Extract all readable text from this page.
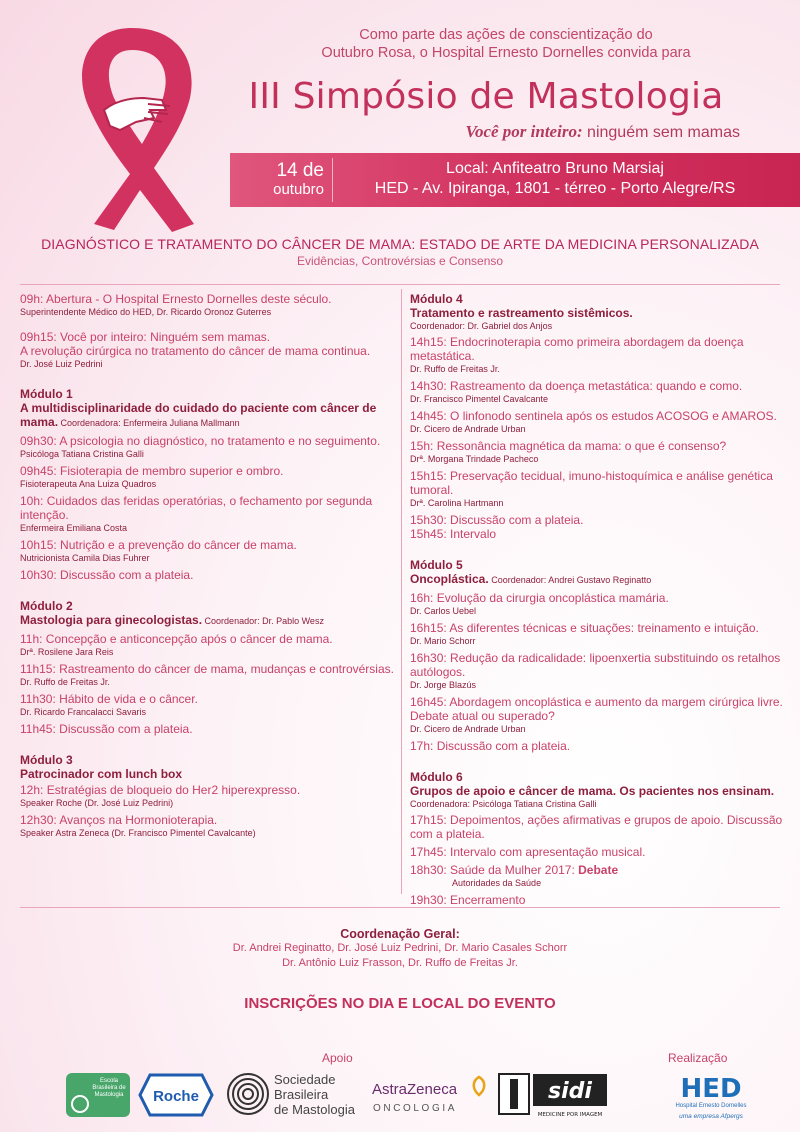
Como parte das ações de conscientização do
Outubro Rosa, o Hospital Ernesto Dornelles convida para
III Simpósio de Mastologia
Você por inteiro: ninguém sem mamas
14 de
outubro
Local: Anfiteatro Bruno Marsiaj
HED - Av. Ipiranga, 1801 - térreo - Porto Alegre/RS
DIAGNÓSTICO E TRATAMENTO DO CÂNCER DE MAMA: ESTADO DE ARTE DA MEDICINA PERSONALIZADA
Evidências, Controvérsias e Consenso
09h: Abertura - O Hospital Ernesto Dornelles deste século.
Superintendente Médico do HED, Dr. Ricardo Oronoz Guterres
09h15: Você por inteiro: Ninguém sem mamas.
A revolução cirúrgica no tratamento do câncer de mama continua.
Dr. José Luiz Pedrini
Módulo 1
A multidisciplinaridade do cuidado do paciente com câncer de mama. Coordenadora: Enfermeira Juliana Mallmann
09h30: A psicologia no diagnóstico, no tratamento e no seguimento.
Psicóloga Tatiana Cristina Galli
09h45: Fisioterapia de membro superior e ombro.
Fisioterapeuta Ana Luiza Quadros
10h: Cuidados das feridas operatórias, o fechamento por segunda intenção.
Enfermeira Emiliana Costa
10h15: Nutrição e a prevenção do câncer de mama.
Nutricionista Camila Dias Fuhrer
10h30: Discussão com a plateia.
Módulo 2
Mastologia para ginecologistas. Coordenador: Dr. Pablo Wesz
11h: Concepção e anticoncepção após o câncer de mama.
Drª. Rosilene Jara Reis
11h15: Rastreamento do câncer de mama, mudanças e controvérsias.
Dr. Ruffo de Freitas Jr.
11h30: Hábito de vida e o câncer.
Dr. Ricardo Francalacci Savaris
11h45: Discussão com a plateia.
Módulo 3
Patrocinador com lunch box
12h: Estratégias de bloqueio do Her2 hiperexpresso.
Speaker Roche (Dr. José Luiz Pedrini)
12h30: Avanços na Hormonioterapia.
Speaker Astra Zeneca (Dr. Francisco Pimentel Cavalcante)
Módulo 4
Tratamento e rastreamento sistêmicos.
Coordenador: Dr. Gabriel dos Anjos
14h15: Endocrinoterapia como primeira abordagem da doença metastática.
Dr. Ruffo de Freitas Jr.
14h30: Rastreamento da doença metastática: quando e como.
Dr. Francisco Pimentel Cavalcante
14h45: O linfonodo sentinela após os estudos ACOSOG e AMAROS.
Dr. Cicero de Andrade Urban
15h: Ressonância magnética da mama: o que é consenso?
Drª. Morgana Trindade Pacheco
15h15: Preservação tecidual, imuno-histoquímica e análise genética tumoral.
Drª. Carolina Hartmann
15h30: Discussão com a plateia.
15h45: Intervalo
Módulo 5
Oncoplástica. Coordenador: Andrei Gustavo Reginatto
16h: Evolução da cirurgia oncoplástica mamária.
Dr. Carlos Uebel
16h15: As diferentes técnicas e situações: treinamento e intuição.
Dr. Mario Schorr
16h30: Redução da radicalidade: lipoenxertia substituindo os retalhos autólogos.
Dr. Jorge Blazús
16h45: Abordagem oncoplástica e aumento da margem cirúrgica livre. Debate atual ou superado?
Dr. Cicero de Andrade Urban
17h: Discussão com a plateia.
Módulo 6
Grupos de apoio e câncer de mama. Os pacientes nos ensinam.
Coordenadora: Psicóloga Tatiana Cristina Galli
17h15: Depoimentos, ações afirmativas e grupos de apoio. Discussão com a plateia.
17h45: Intervalo com apresentação musical.
18h30: Saúde da Mulher 2017: Debate
Autoridades da Saúde
19h30: Encerramento
Coordenação Geral:
Dr. Andrei Reginatto, Dr. José Luiz Pedrini, Dr. Mario Casales Schorr
Dr. Antônio Luiz Frasson, Dr. Ruffo de Freitas Jr.
INSCRIÇÕES NO DIA E LOCAL DO EVENTO
Apoio	Realização
Escola Brasileira de Mastologia Roche
Sociedade
Brasileira
de Mastologia
AstraZeneca
ONCOLOGIA
sidi
MEDICINE POR IMAGEM
HED
Hospital Ernesto Dornelles
uma empresa Afpergs
